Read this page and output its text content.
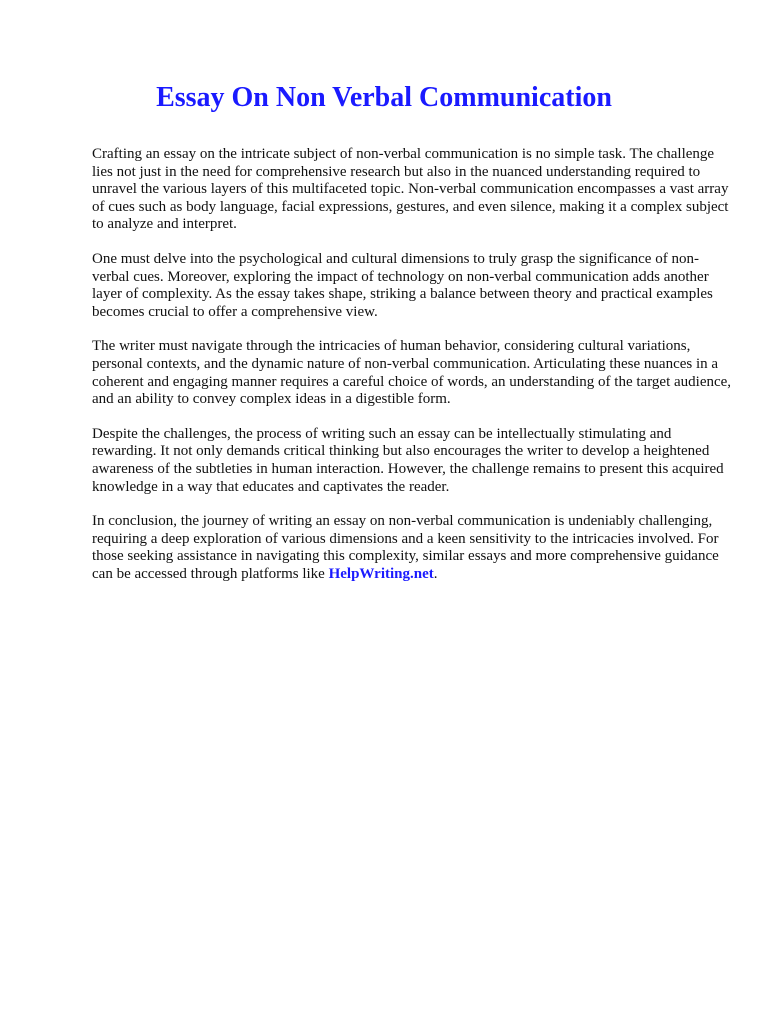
Essay On Non Verbal Communication

Crafting an essay on the intricate subject of non-verbal communication is no simple task. The challenge lies not just in the need for comprehensive research but also in the nuanced understanding required to unravel the various layers of this multifaceted topic. Non-verbal communication encompasses a vast array of cues such as body language, facial expressions, gestures, and even silence, making it a complex subject to analyze and interpret.

One must delve into the psychological and cultural dimensions to truly grasp the significance of non-verbal cues. Moreover, exploring the impact of technology on non-verbal communication adds another layer of complexity. As the essay takes shape, striking a balance between theory and practical examples becomes crucial to offer a comprehensive view.

The writer must navigate through the intricacies of human behavior, considering cultural variations, personal contexts, and the dynamic nature of non-verbal communication. Articulating these nuances in a coherent and engaging manner requires a careful choice of words, an understanding of the target audience, and an ability to convey complex ideas in a digestible form.

Despite the challenges, the process of writing such an essay can be intellectually stimulating and rewarding. It not only demands critical thinking but also encourages the writer to develop a heightened awareness of the subtleties in human interaction. However, the challenge remains to present this acquired knowledge in a way that educates and captivates the reader.

In conclusion, the journey of writing an essay on non-verbal communication is undeniably challenging, requiring a deep exploration of various dimensions and a keen sensitivity to the intricacies involved. For those seeking assistance in navigating this complexity, similar essays and more comprehensive guidance can be accessed through platforms like HelpWriting.net.
